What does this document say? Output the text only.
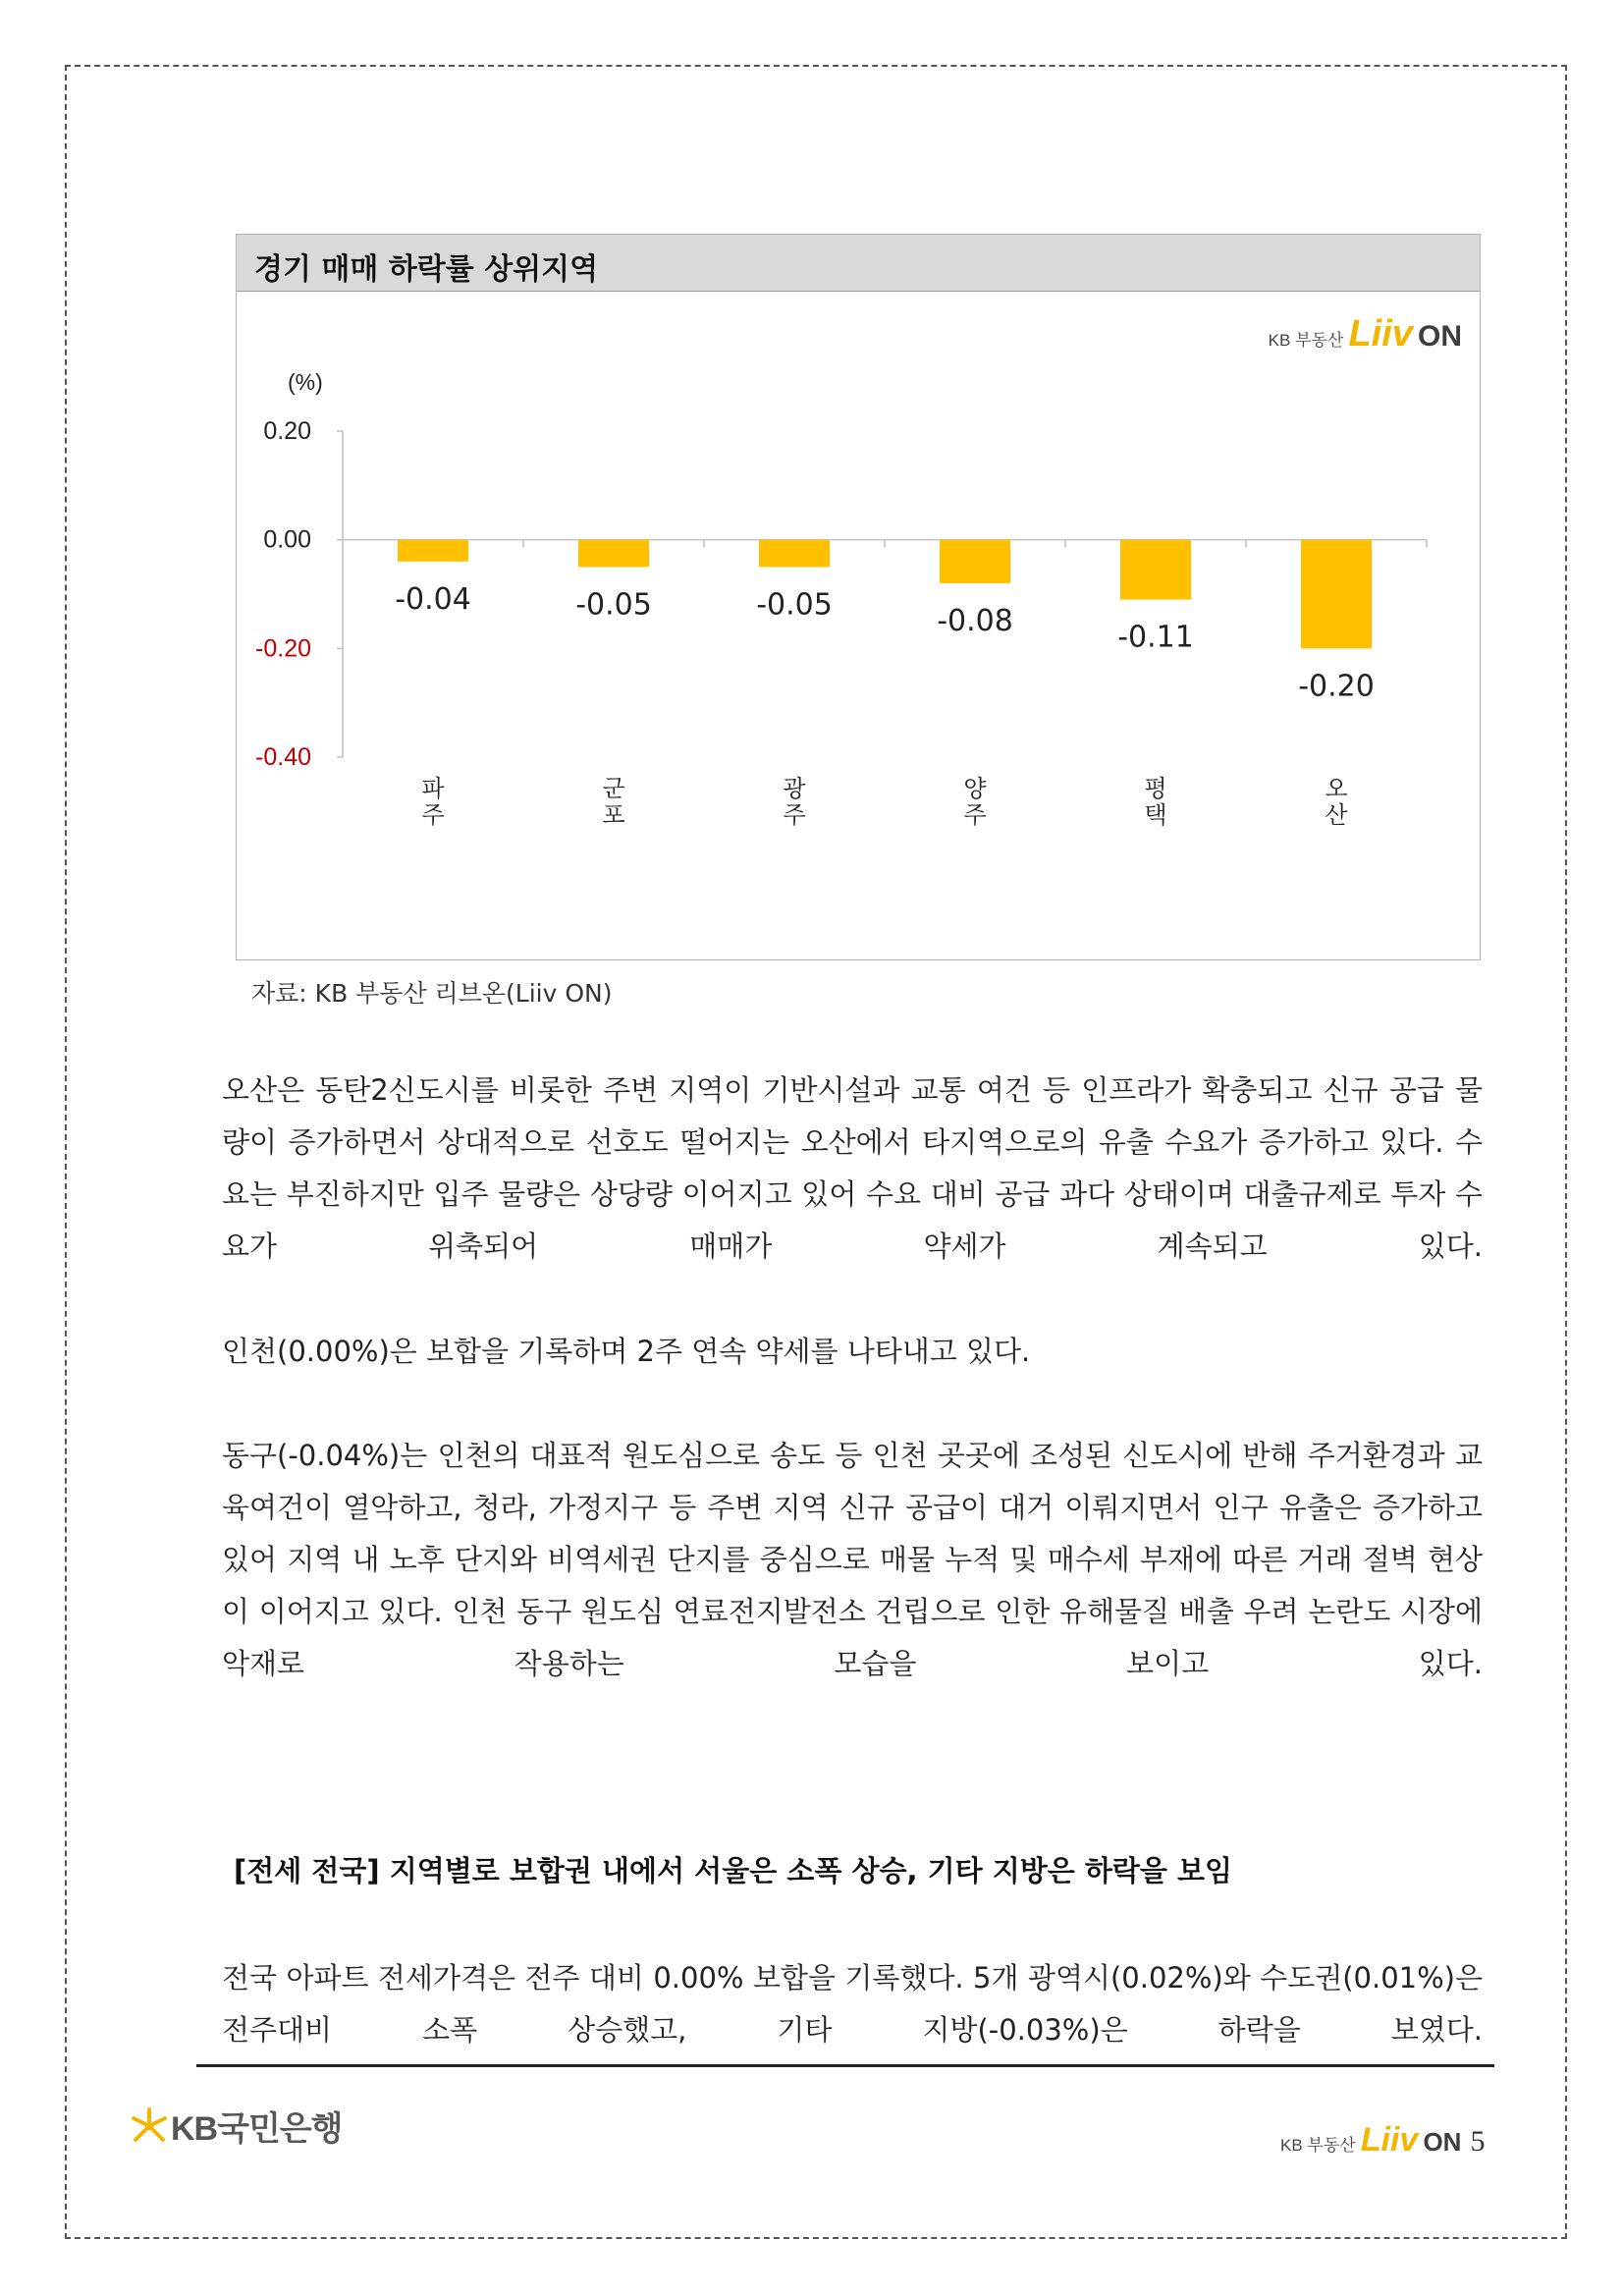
경기 매매 하락률 상위지역
KB 부동산 Liiv ON
(%)
0.20
0.00
-0.20
-0.40
-0.04
파 주
-0.05
군 포
-0.05
광 주
-0.08
양 주
-0.11
평 택
-0.20
오 산
자료: KB 부동산 리브온(Liiv ON)

오산은 동탄2신도시를 비롯한 주변 지역이 기반시설과 교통 여건 등 인프라가 확충되고 신규 공급 물량이 증가하면서 상대적으로 선호도 떨어지는 오산에서 타지역으로의 유출 수요가 증가하고 있다. 수요는 부진하지만 입주 물량은 상당량 이어지고 있어 수요 대비 공급 과다 상태이며 대출규제로 투자 수요가 위축되어 매매가 약세가 계속되고 있다.

인천(0.00%)은 보합을 기록하며 2주 연속 약세를 나타내고 있다.

동구(-0.04%)는 인천의 대표적 원도심으로 송도 등 인천 곳곳에 조성된 신도시에 반해 주거환경과 교육여건이 열악하고, 청라, 가정지구 등 주변 지역 신규 공급이 대거 이뤄지면서 인구 유출은 증가하고 있어 지역 내 노후 단지와 비역세권 단지를 중심으로 매물 누적 및 매수세 부재에 따른 거래 절벽 현상이 이어지고 있다. 인천 동구 원도심 연료전지발전소 건립으로 인한 유해물질 배출 우려 논란도 시장에 악재로 작용하는 모습을 보이고 있다.

[전세 전국] 지역별로 보합권 내에서 서울은 소폭 상승, 기타 지방은 하락을 보임

전국 아파트 전세가격은 전주 대비 0.00% 보합을 기록했다. 5개 광역시(0.02%)와 수도권(0.01%)은 전주대비 소폭 상승했고, 기타 지방(-0.03%)은 하락을 보였다.

KB국민은행	KB 부동산 Liiv ON 5
